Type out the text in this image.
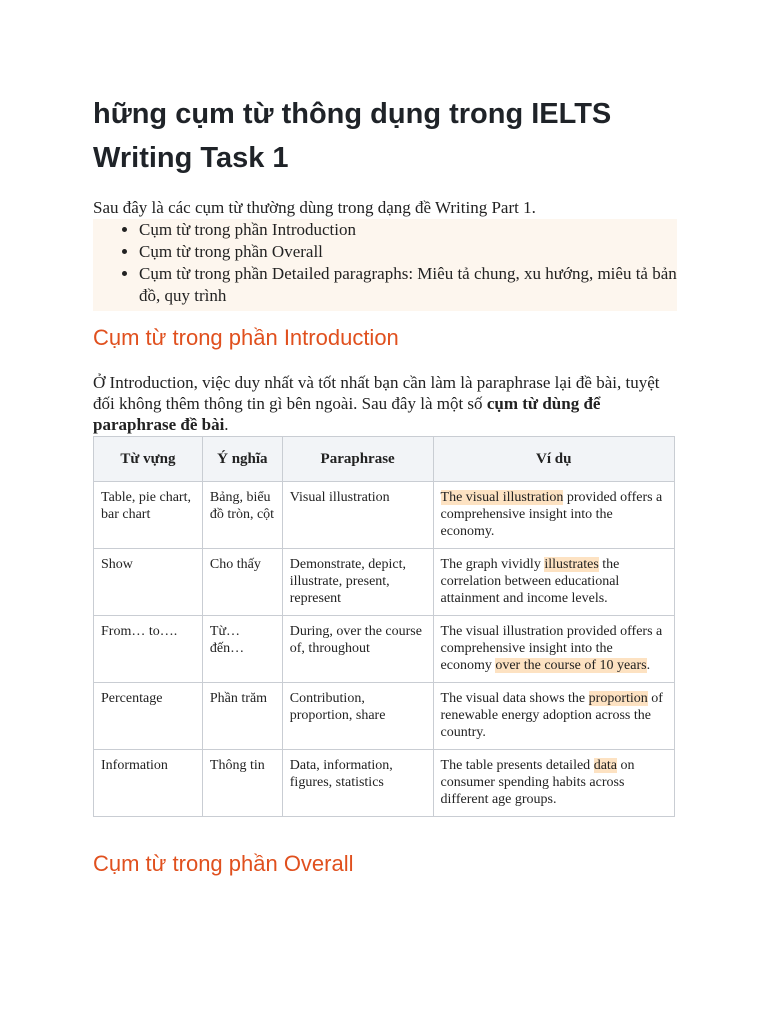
hững cụm từ thông dụng trong IELTS Writing Task 1
Sau đây là các cụm từ thường dùng trong dạng đề Writing Part 1.
• Cụm từ trong phần Introduction
• Cụm từ trong phần Overall
• Cụm từ trong phần Detailed paragraphs: Miêu tả chung, xu hướng, miêu tả bản đồ, quy trình
Cụm từ trong phần Introduction

Ở Introduction, việc duy nhất và tốt nhất bạn cần làm là paraphrase lại đề bài, tuyệt đối không thêm thông tin gì bên ngoài. Sau đây là một số cụm từ dùng để paraphrase đề bài.

Từ vựng	Ý nghĩa	Paraphrase	Ví dụ
Table, pie chart, bar chart	Bảng, biểu đồ tròn, cột	Visual illustration	The visual illustration provided offers a comprehensive insight into the economy.
Show	Cho thấy	Demonstrate, depict, illustrate, present, represent	The graph vividly illustrates the correlation between educational attainment and income levels.
From… to….	Từ… đến…	During, over the course of, throughout	The visual illustration provided offers a comprehensive insight into the economy over the course of 10 years.
Percentage	Phần trăm	Contribution, proportion, share	The visual data shows the proportion of renewable energy adoption across the country.
Information	Thông tin	Data, information, figures, statistics	The table presents detailed data on consumer spending habits across different age groups.
Cụm từ trong phần Overall
